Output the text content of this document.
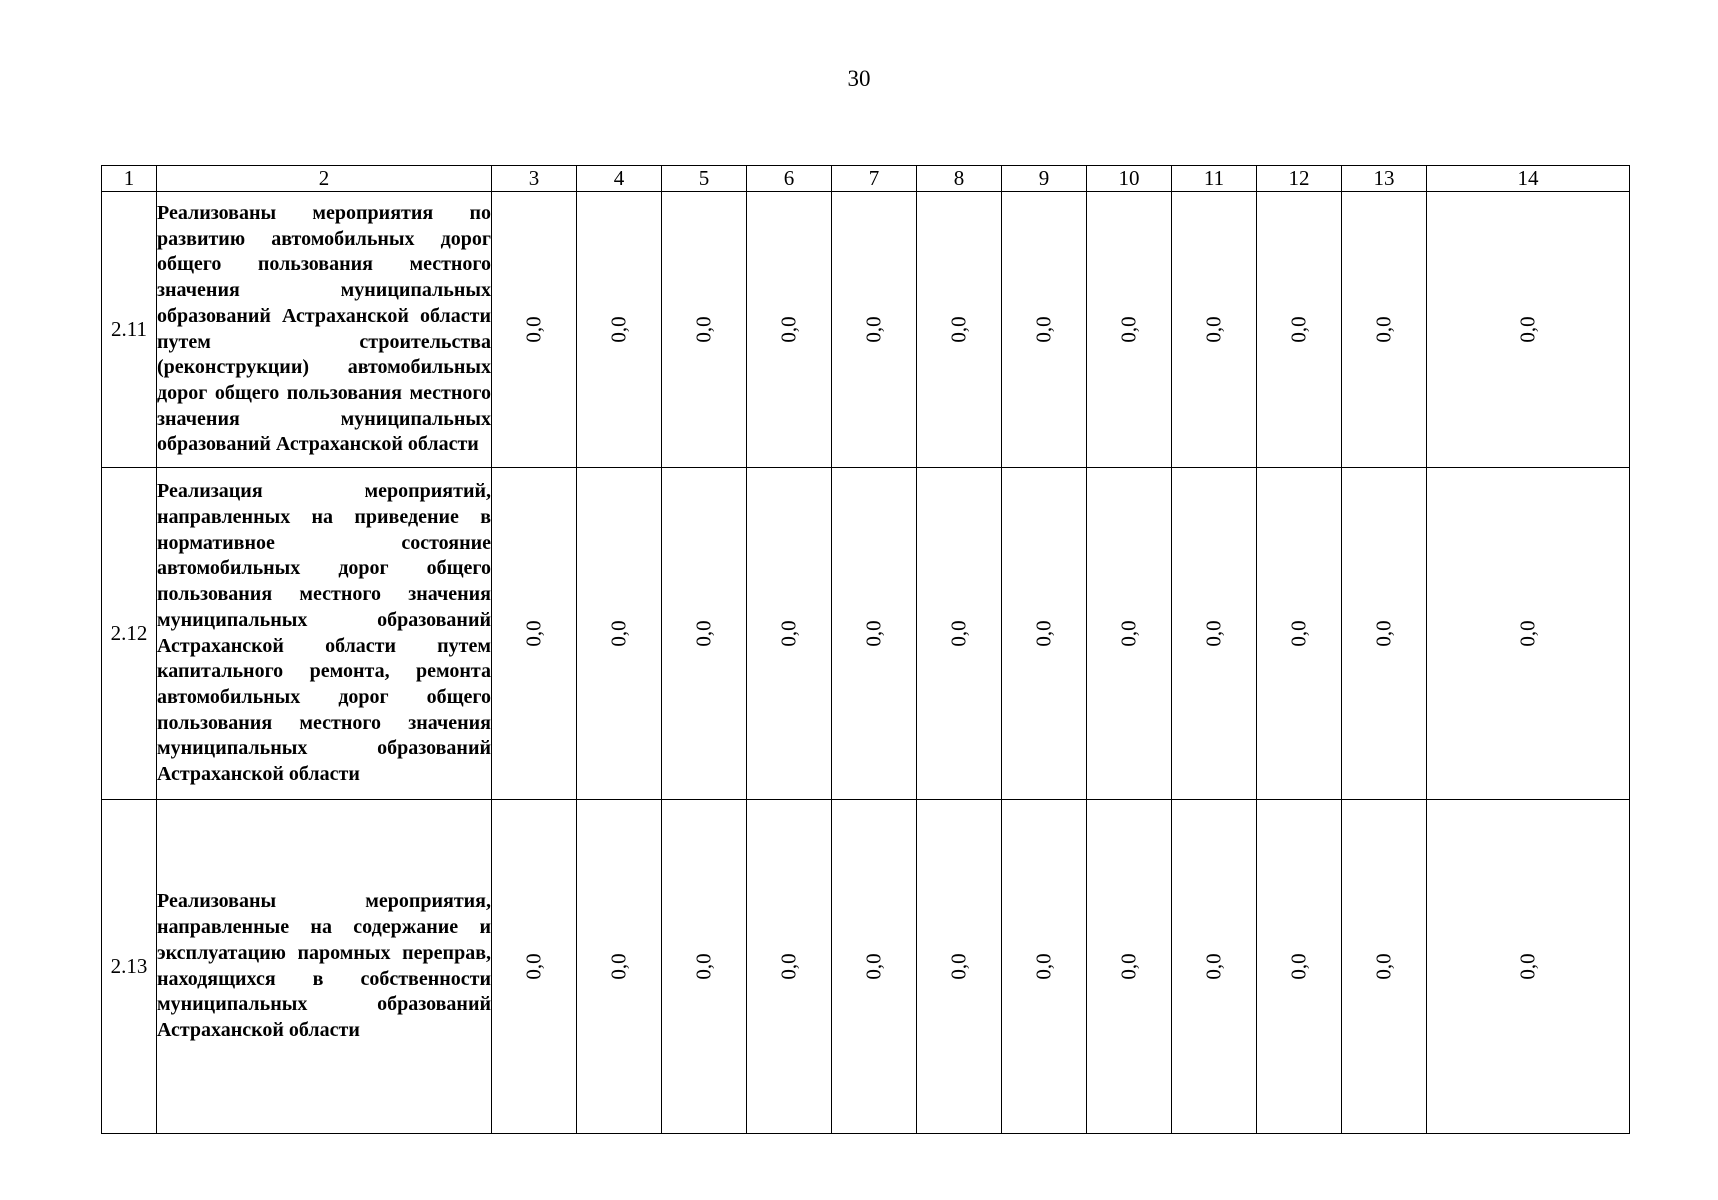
30
1	2	3	4	5	6	7	8	9	10	11	12	13	14
2.11	Реализованы мероприятия по развитию автомобильных дорог общего пользования местного значения муниципальных образований Астраханской области путем строительства (реконструкции) автомобильных дорог общего пользования местного значения муниципальных образований Астраханской области	0,0	0,0	0,0	0,0	0,0	0,0	0,0	0,0	0,0	0,0	0,0	0,0
2.12	Реализация мероприятий, направленных на приведение в нормативное состояние автомобильных дорог общего пользования местного значения муниципальных образований Астраханской области путем капитального ремонта, ремонта автомобильных дорог общего пользования местного значения муниципальных образований Астраханской области	0,0	0,0	0,0	0,0	0,0	0,0	0,0	0,0	0,0	0,0	0,0	0,0
2.13	Реализованы мероприятия, направленные на содержание и эксплуатацию паромных переправ, находящихся в собственности муниципальных образований Астраханской области	0,0	0,0	0,0	0,0	0,0	0,0	0,0	0,0	0,0	0,0	0,0	0,0
